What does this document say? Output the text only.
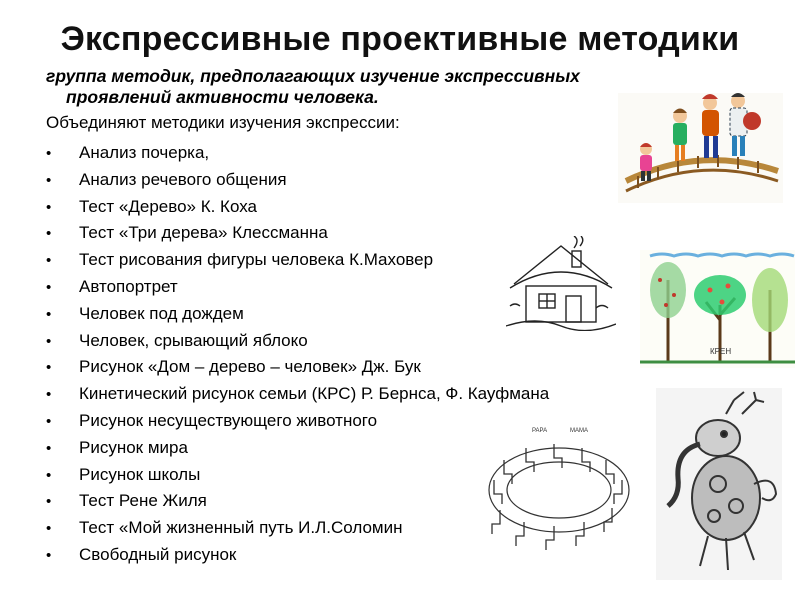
Экспрессивные проективные методики
группа методик, предполагающих изучение экспрессивных
проявлений активности человека.
Объединяют методики изучения экспрессии:
• Анализ почерка,
• Анализ речевого общения
• Тест «Дерево» К. Коха
• Тест «Три дерева» Клессманна
• Тест рисования фигуры человека К.Маховер
• Автопортрет
• Человек под дождем
• Человек, срывающий яблоко
• Рисунок «Дом – дерево – человек» Дж. Бук
• Кинетический рисунок семьи (КРС) Р. Бернса, Ф. Кауфмана
• Рисунок несуществующего животного
• Рисунок мира
• Рисунок школы
• Тест Рене Жиля
• Тест «Мой жизненный путь И.Л.Соломин
• Свободный рисунок
КРЕН
PAPA	MAMA
